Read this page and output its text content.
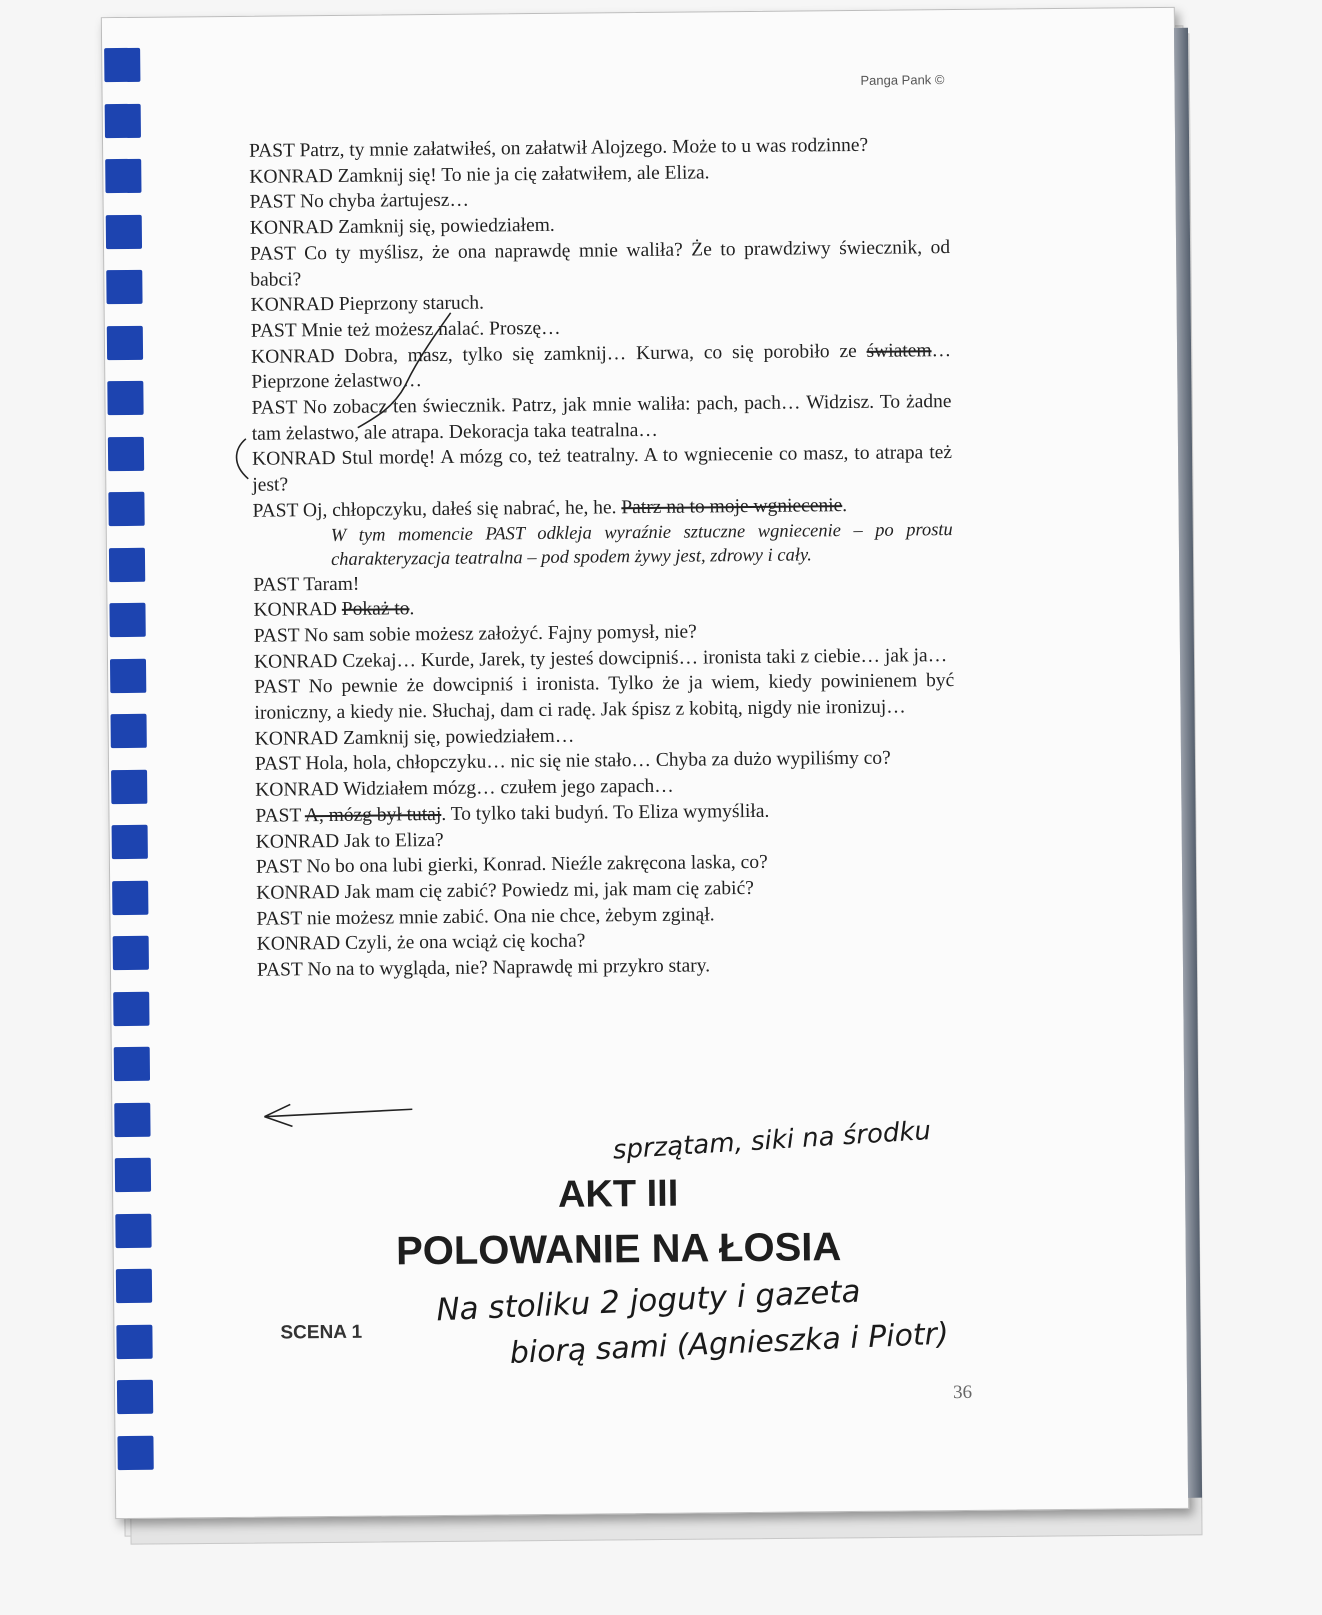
Panga Pank ©

PAST Patrz, ty mnie załatwiłeś, on załatwił Alojzego. Może to u was rodzinne?

KONRAD Zamknij się! To nie ja cię załatwiłem, ale Eliza.

PAST No chyba żartujesz…

KONRAD Zamknij się, powiedziałem.

PAST Co ty myślisz, że ona naprawdę mnie waliła? Że to prawdziwy świecznik, od babci?

KONRAD Pieprzony staruch.

PAST Mnie też możesz nalać. Proszę…

KONRAD Dobra, masz, tylko się zamknij… Kurwa, co się porobiło ze światem… Pieprzone żelastwo…

PAST No zobacz ten świecznik. Patrz, jak mnie waliła: pach, pach… Widzisz. To żadne tam żelastwo, ale atrapa. Dekoracja taka teatralna…

KONRAD Stul mordę! A mózg co, też teatralny. A to wgniecenie co masz, to atrapa też jest?

PAST Oj, chłopczyku, dałeś się nabrać, he, he. Patrz na to moje wgniecenie.

W tym momencie PAST odkleja wyraźnie sztuczne wgniecenie – po prostu charakteryzacja teatralna – pod spodem żywy jest, zdrowy i cały.

PAST Taram!

KONRAD Pokaż to.

PAST No sam sobie możesz założyć. Fajny pomysł, nie?

KONRAD Czekaj… Kurde, Jarek, ty jesteś dowcipniś… ironista taki z ciebie… jak ja…

PAST No pewnie że dowcipniś i ironista. Tylko że ja wiem, kiedy powinienem być ironiczny, a kiedy nie. Słuchaj, dam ci radę. Jak śpisz z kobitą, nigdy nie ironizuj…

KONRAD Zamknij się, powiedziałem…

PAST Hola, hola, chłopczyku… nic się nie stało… Chyba za dużo wypiliśmy co?

KONRAD Widziałem mózg… czułem jego zapach…

PAST A, mózg był tutaj. To tylko taki budyń. To Eliza wymyśliła.

KONRAD Jak to Eliza?

PAST No bo ona lubi gierki, Konrad. Nieźle zakręcona laska, co?

KONRAD Jak mam cię zabić? Powiedz mi, jak mam cię zabić?

PAST nie możesz mnie zabić. Ona nie chce, żebym zginął.

KONRAD Czyli, że ona wciąż cię kocha?

PAST No na to wygląda, nie? Naprawdę mi przykro stary.

sprzątam, siki na środku
AKT III
POLOWANIE NA ŁOSIA
Na stoliku 2 joguty i gazeta
SCENA 1	biorą sami (Agnieszka i Piotr)
36
